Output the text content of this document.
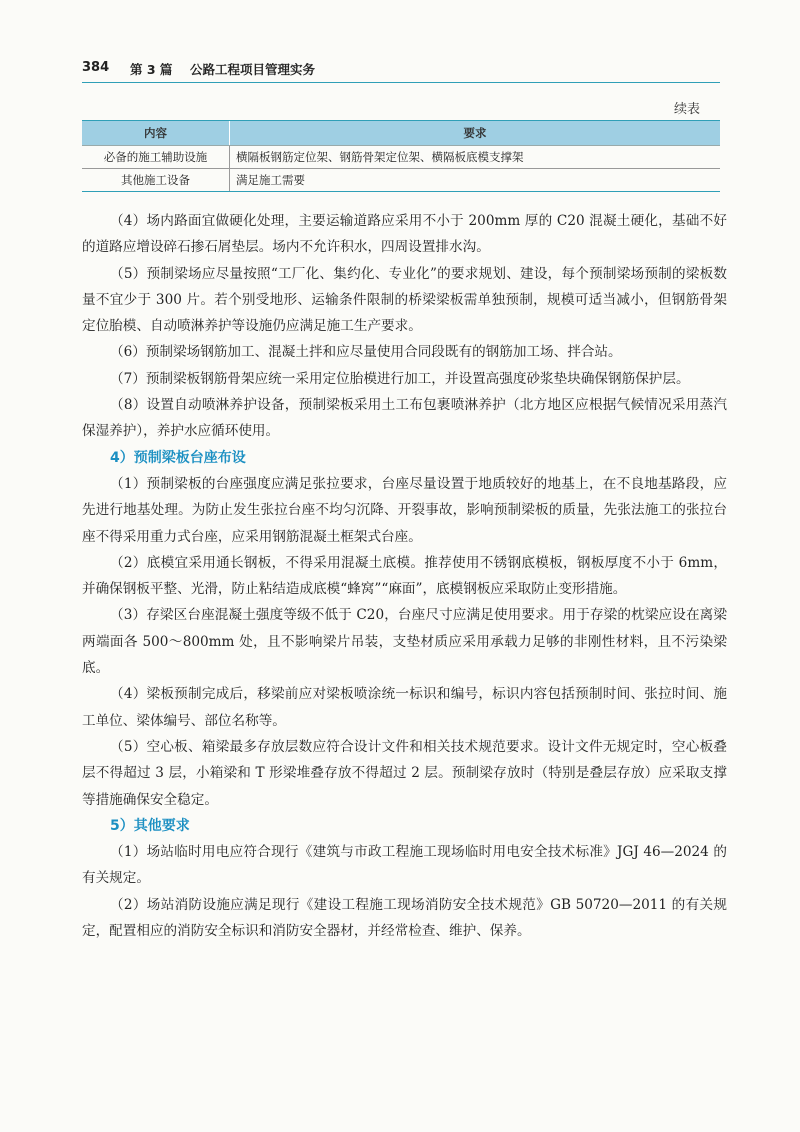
384 第 3 篇 公路工程项目管理实务
续表
内容	要求
必备的施工辅助设施	横隔板钢筋定位架、钢筋骨架定位架、横隔板底模支撑架
其他施工设备	满足施工需要

（4）场内路面宜做硬化处理，主要运输道路应采用不小于 200mm 厚的 C20 混凝土硬化，基础不好的道路应增设碎石掺石屑垫层。场内不允许积水，四周设置排水沟。

（5）预制梁场应尽量按照“工厂化、集约化、专业化”的要求规划、建设，每个预制梁场预制的梁板数量不宜少于 300 片。若个别受地形、运输条件限制的桥梁梁板需单独预制，规模可适当减小，但钢筋骨架定位胎模、自动喷淋养护等设施仍应满足施工生产要求。

（6）预制梁场钢筋加工、混凝土拌和应尽量使用合同段既有的钢筋加工场、拌合站。

（7）预制梁板钢筋骨架应统一采用定位胎模进行加工，并设置高强度砂浆垫块确保钢筋保护层。

（8）设置自动喷淋养护设备，预制梁板采用土工布包裹喷淋养护（北方地区应根据气候情况采用蒸汽保湿养护），养护水应循环使用。

4）预制梁板台座布设

（1）预制梁板的台座强度应满足张拉要求，台座尽量设置于地质较好的地基上，在不良地基路段，应先进行地基处理。为防止发生张拉台座不均匀沉降、开裂事故，影响预制梁板的质量，先张法施工的张拉台座不得采用重力式台座，应采用钢筋混凝土框架式台座。

（2）底模宜采用通长钢板，不得采用混凝土底模。推荐使用不锈钢底模板，钢板厚度不小于 6mm，并确保钢板平整、光滑，防止粘结造成底模“蜂窝”“麻面”，底模钢板应采取防止变形措施。

（3）存梁区台座混凝土强度等级不低于 C20，台座尺寸应满足使用要求。用于存梁的枕梁应设在离梁两端面各 500～800mm 处，且不影响梁片吊装，支垫材质应采用承载力足够的非刚性材料，且不污染梁底。

（4）梁板预制完成后，移梁前应对梁板喷涂统一标识和编号，标识内容包括预制时间、张拉时间、施工单位、梁体编号、部位名称等。

（5）空心板、箱梁最多存放层数应符合设计文件和相关技术规范要求。设计文件无规定时，空心板叠层不得超过 3 层，小箱梁和 T 形梁堆叠存放不得超过 2 层。预制梁存放时（特别是叠层存放）应采取支撑等措施确保安全稳定。

5）其他要求

（1）场站临时用电应符合现行《建筑与市政工程施工现场临时用电安全技术标准》JGJ 46—2024 的有关规定。

（2）场站消防设施应满足现行《建设工程施工现场消防安全技术规范》GB 50720—2011 的有关规定，配置相应的消防安全标识和消防安全器材，并经常检查、维护、保养。
